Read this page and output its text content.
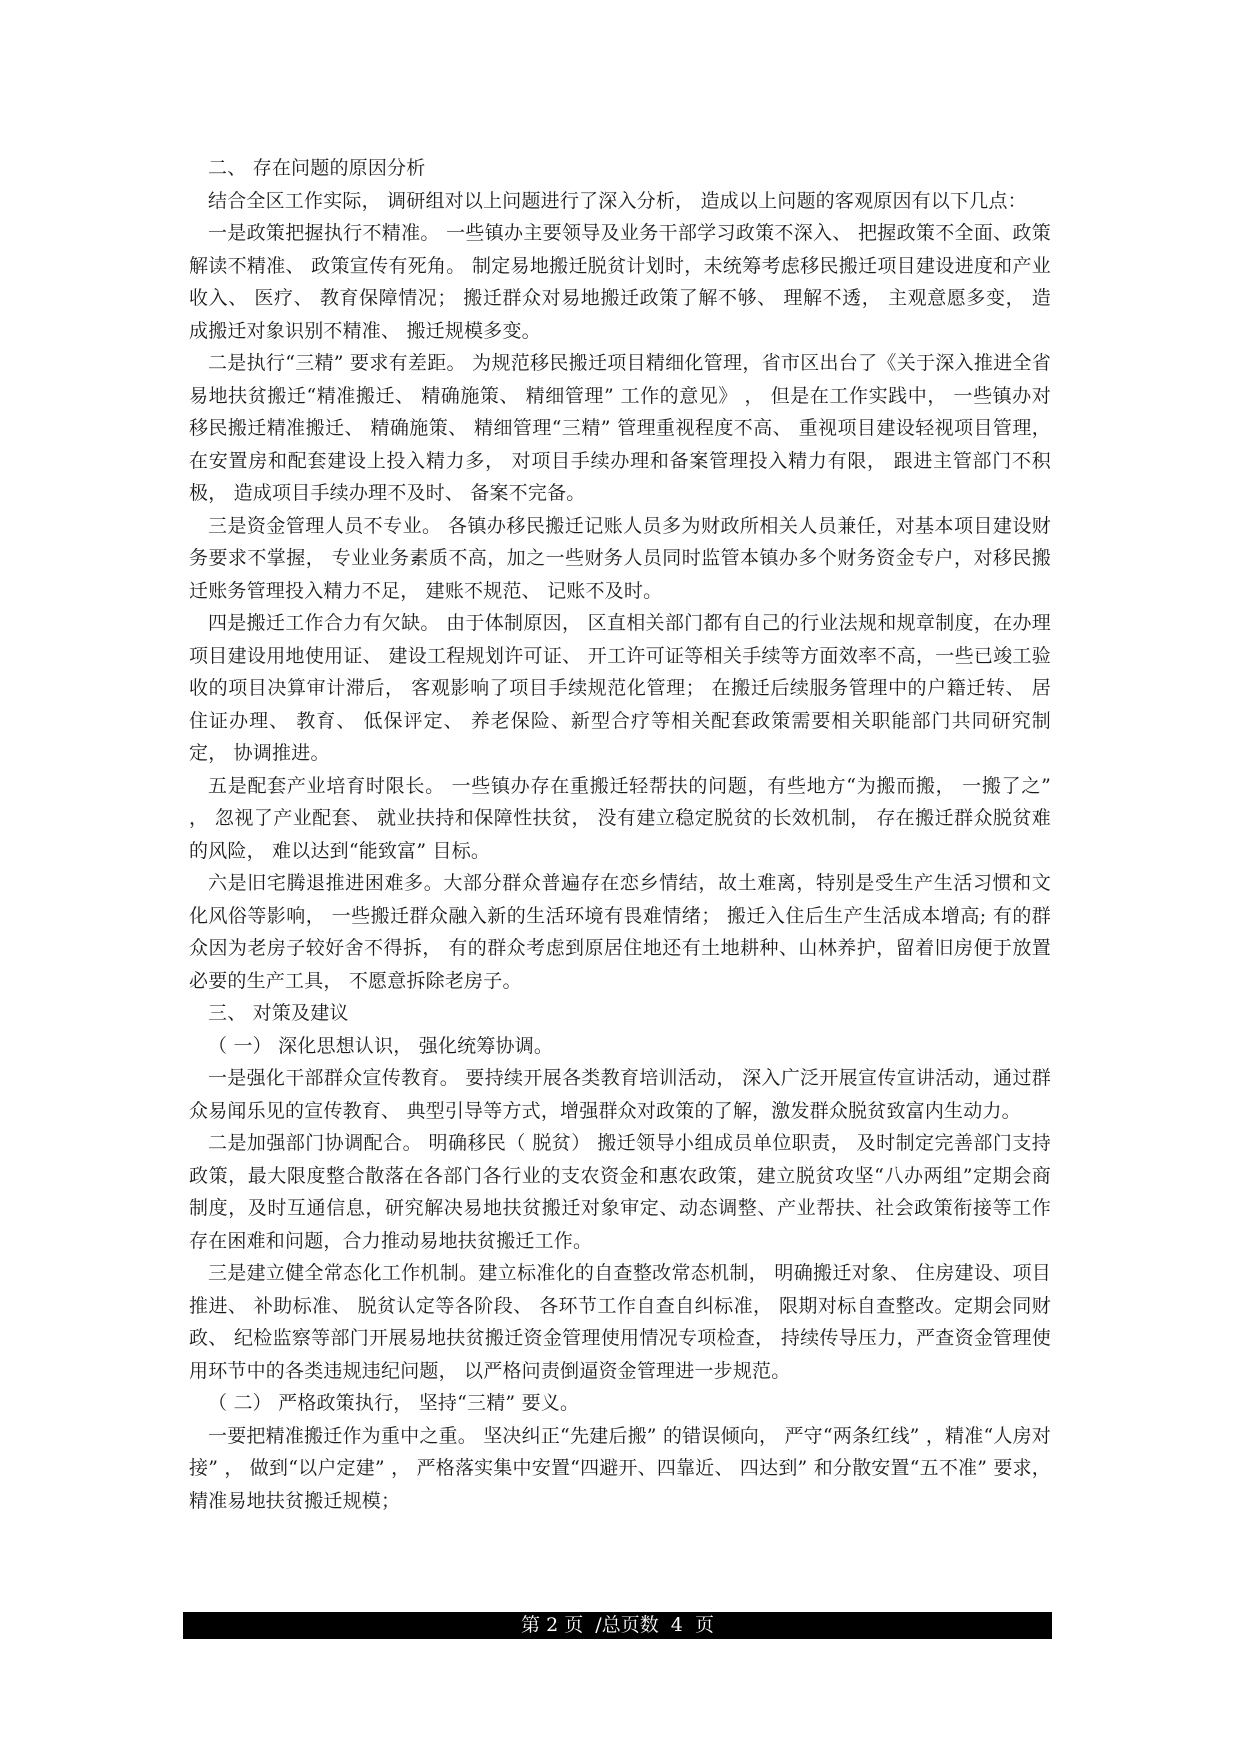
二、 存在问题的原因分析

结合全区工作实际， 调研组对以上问题进行了深入分析， 造成以上问题的客观原因有以下几点：

一是政策把握执行不精准。 一些镇办主要领导及业务干部学习政策不深入、 把握政策不全面、政策解读不精准、 政策宣传有死角。 制定易地搬迁脱贫计划时，未统筹考虑移民搬迁项目建设进度和产业收入、 医疗、 教育保障情况； 搬迁群众对易地搬迁政策了解不够、 理解不透， 主观意愿多变， 造成搬迁对象识别不精准、 搬迁规模多变。

二是执行“三精” 要求有差距。 为规范移民搬迁项目精细化管理，省市区出台了《关于深入推进全省易地扶贫搬迁“精准搬迁、 精确施策、 精细管理” 工作的意见》 ， 但是在工作实践中， 一些镇办对移民搬迁精准搬迁、 精确施策、 精细管理“三精” 管理重视程度不高、 重视项目建设轻视项目管理， 在安置房和配套建设上投入精力多， 对项目手续办理和备案管理投入精力有限， 跟进主管部门不积极， 造成项目手续办理不及时、 备案不完备。

三是资金管理人员不专业。 各镇办移民搬迁记账人员多为财政所相关人员兼任，对基本项目建设财务要求不掌握， 专业业务素质不高，加之一些财务人员同时监管本镇办多个财务资金专户，对移民搬迁账务管理投入精力不足， 建账不规范、 记账不及时。

四是搬迁工作合力有欠缺。 由于体制原因， 区直相关部门都有自己的行业法规和规章制度，在办理项目建设用地使用证、 建设工程规划许可证、 开工许可证等相关手续等方面效率不高，一些已竣工验收的项目决算审计滞后， 客观影响了项目手续规范化管理； 在搬迁后续服务管理中的户籍迁转、 居住证办理、 教育、 低保评定、 养老保险、新型合疗等相关配套政策需要相关职能部门共同研究制定， 协调推进。

五是配套产业培育时限长。 一些镇办存在重搬迁轻帮扶的问题，有些地方“为搬而搬， 一搬了之” ， 忽视了产业配套、 就业扶持和保障性扶贫， 没有建立稳定脱贫的长效机制， 存在搬迁群众脱贫难的风险， 难以达到“能致富” 目标。

六是旧宅腾退推进困难多。大部分群众普遍存在恋乡情结，故土难离，特别是受生产生活习惯和文化风俗等影响， 一些搬迁群众融入新的生活环境有畏难情绪； 搬迁入住后生产生活成本增高; 有的群众因为老房子较好舍不得拆， 有的群众考虑到原居住地还有土地耕种、山林养护，留着旧房便于放置必要的生产工具， 不愿意拆除老房子。

三、 对策及建议

（ 一） 深化思想认识， 强化统筹协调。

一是强化干部群众宣传教育。 要持续开展各类教育培训活动， 深入广泛开展宣传宣讲活动，通过群众易闻乐见的宣传教育、 典型引导等方式，增强群众对政策的了解，激发群众脱贫致富内生动力。

二是加强部门协调配合。 明确移民（ 脱贫） 搬迁领导小组成员单位职责， 及时制定完善部门支持政策，最大限度整合散落在各部门各行业的支农资金和惠农政策，建立脱贫攻坚“八办两组”定期会商制度，及时互通信息，研究解决易地扶贫搬迁对象审定、动态调整、产业帮扶、社会政策衔接等工作存在困难和问题，合力推动易地扶贫搬迁工作。

三是建立健全常态化工作机制。建立标准化的自查整改常态机制， 明确搬迁对象、 住房建设、项目推进、 补助标准、 脱贫认定等各阶段、 各环节工作自查自纠标准， 限期对标自查整改。定期会同财政、 纪检监察等部门开展易地扶贫搬迁资金管理使用情况专项检查， 持续传导压力，严查资金管理使用环节中的各类违规违纪问题， 以严格问责倒逼资金管理进一步规范。

（ 二） 严格政策执行， 坚持“三精” 要义。

一要把精准搬迁作为重中之重。 坚决纠正“先建后搬” 的错误倾向， 严守“两条红线” ，精准“人房对接” ， 做到“以户定建” ， 严格落实集中安置“四避开、四靠近、 四达到” 和分散安置“五不准” 要求， 精准易地扶贫搬迁规模；

第 2 页  /总页数  4  页
